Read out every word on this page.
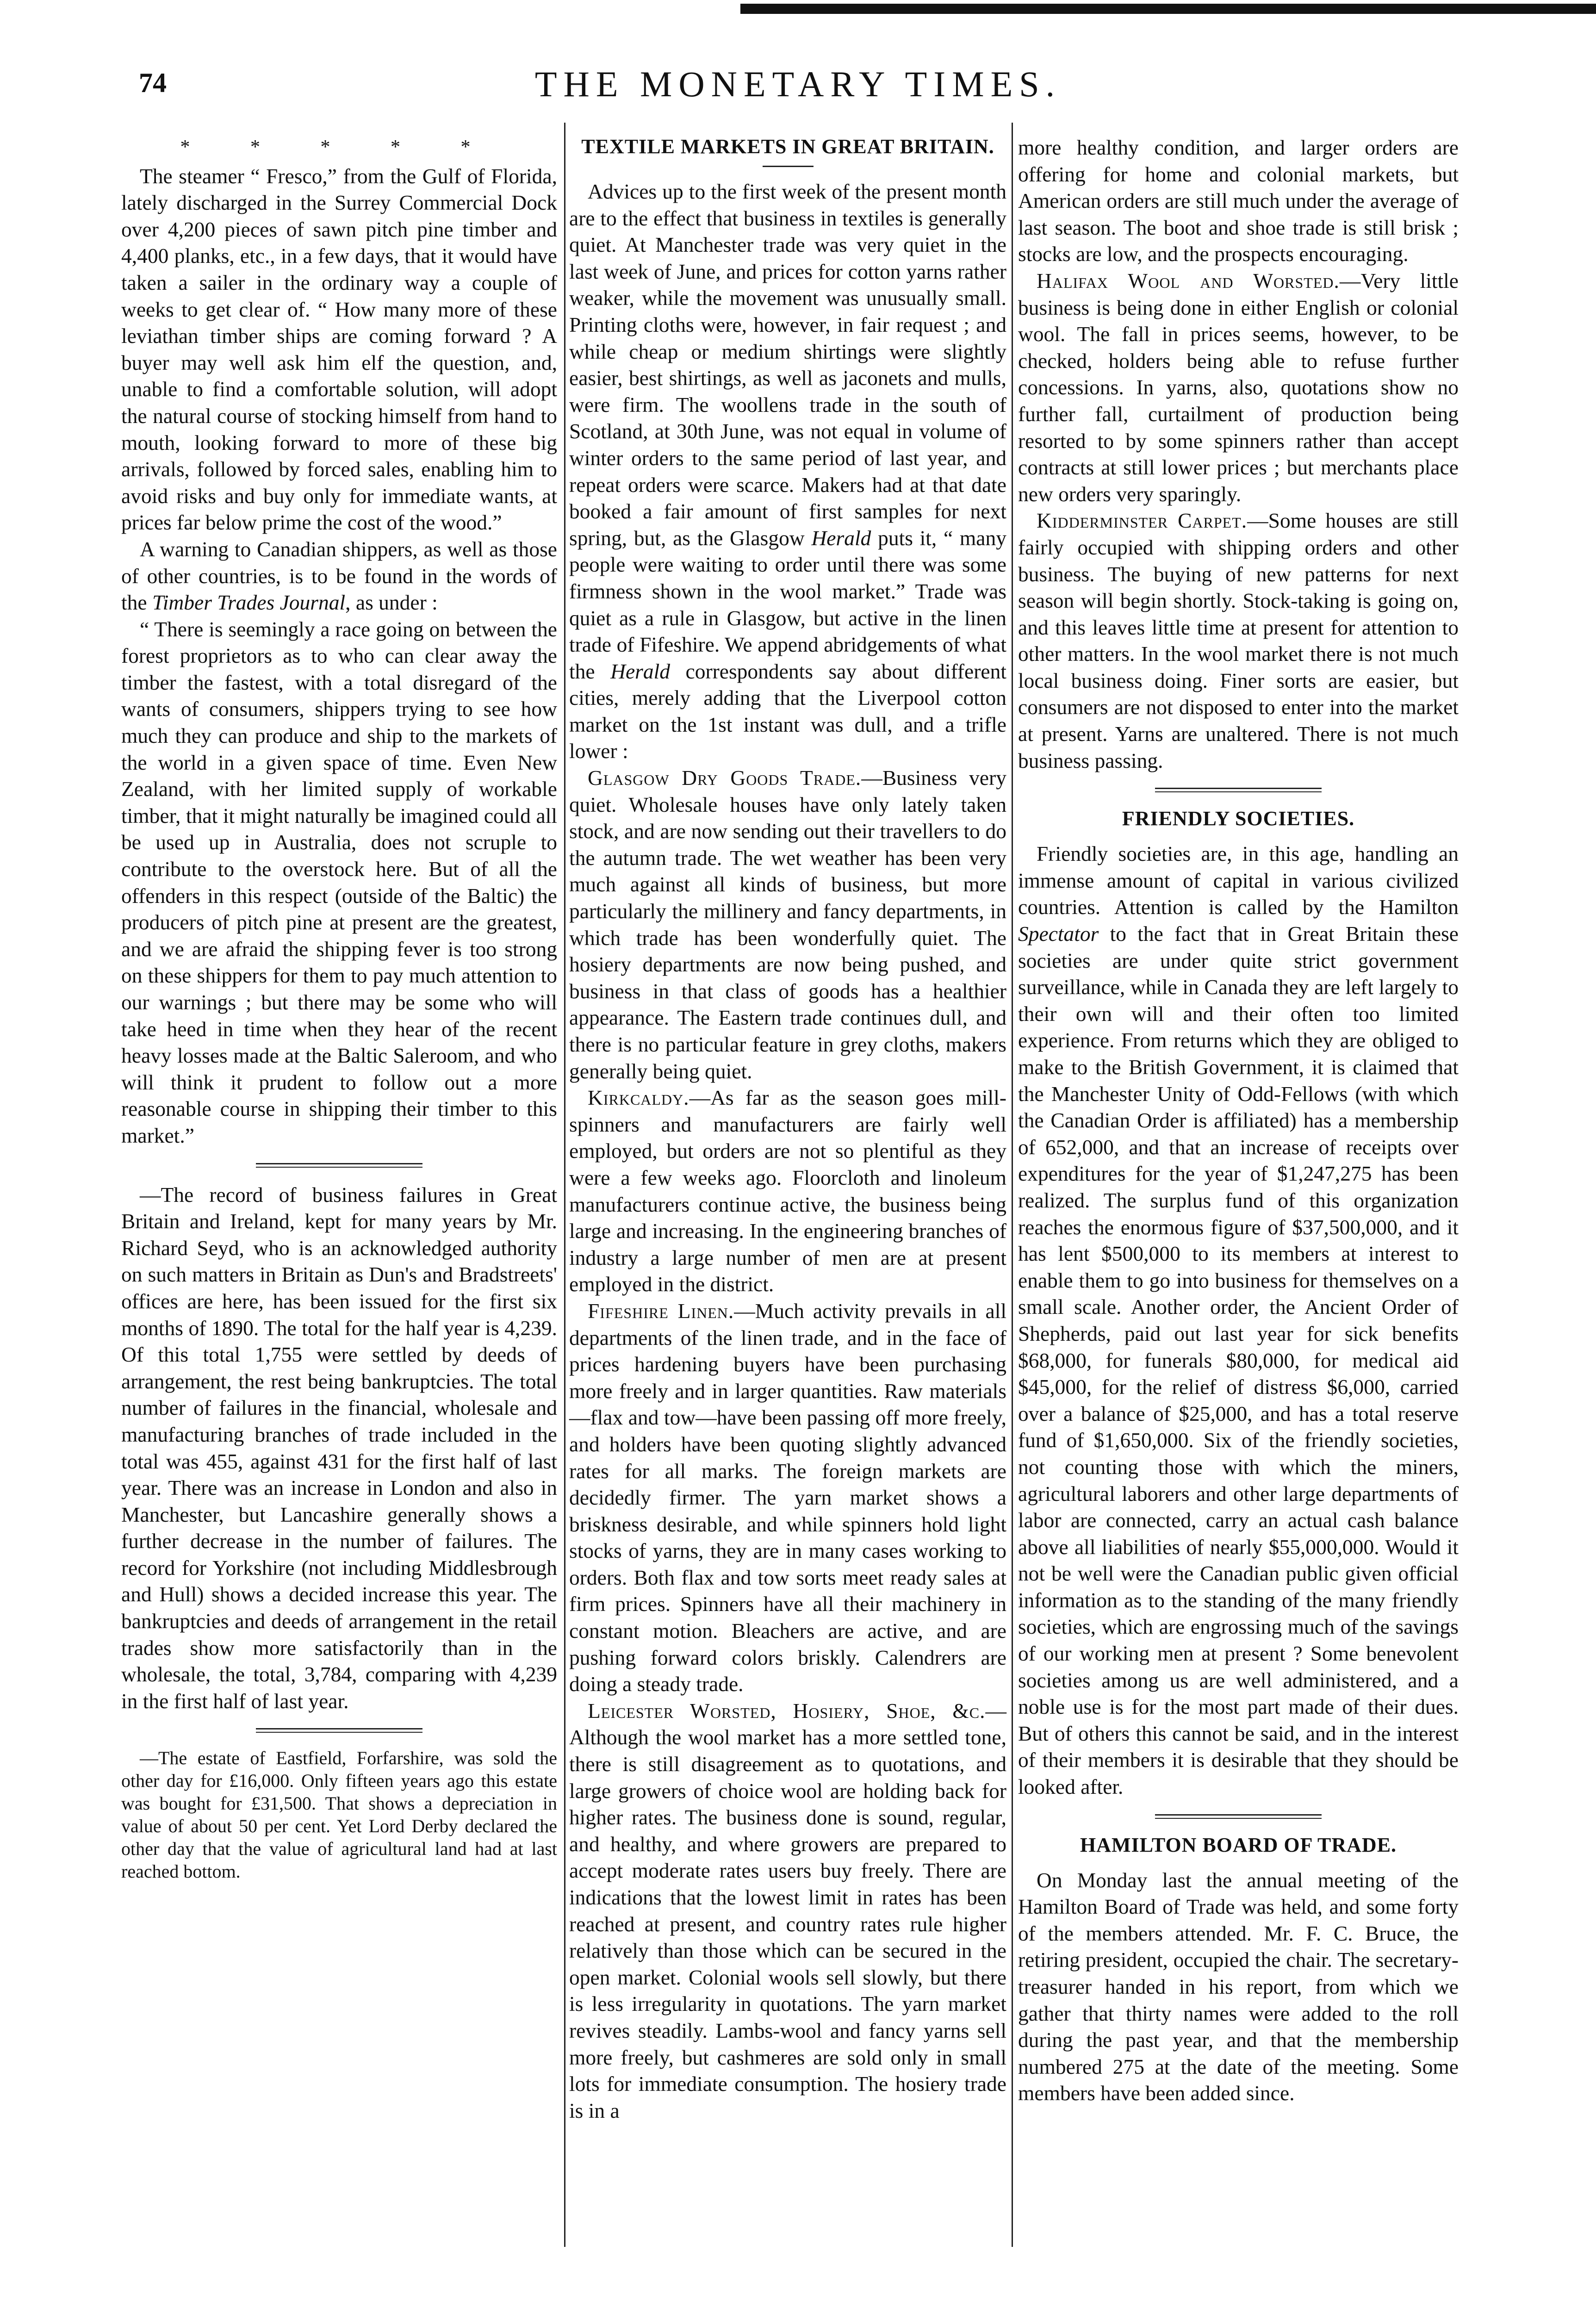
74	THE MONETARY TIMES.
* * * * *

The steamer “ Fresco,” from the Gulf of Florida, lately discharged in the Surrey Commercial Dock over 4,200 pieces of sawn pitch pine timber and 4,400 planks, etc., in a few days, that it would have taken a sailer in the ordinary way a couple of weeks to get clear of. “ How many more of these leviathan timber ships are coming forward ? A buyer may well ask him elf the question, and, unable to find a comfortable solution, will adopt the natural course of stocking himself from hand to mouth, looking forward to more of these big arrivals, followed by forced sales, enabling him to avoid risks and buy only for immediate wants, at prices far below prime the cost of the wood.”

A warning to Canadian shippers, as well as those of other countries, is to be found in the words of the Timber Trades Journal, as under :

“ There is seemingly a race going on between the forest proprietors as to who can clear away the timber the fastest, with a total disregard of the wants of consumers, shippers trying to see how much they can produce and ship to the markets of the world in a given space of time. Even New Zealand, with her limited supply of workable timber, that it might naturally be imagined could all be used up in Australia, does not scruple to contribute to the overstock here. But of all the offenders in this respect (outside of the Baltic) the producers of pitch pine at present are the greatest, and we are afraid the shipping fever is too strong on these shippers for them to pay much attention to our warnings ; but there may be some who will take heed in time when they hear of the recent heavy losses made at the Baltic Saleroom, and who will think it prudent to follow out a more reasonable course in shipping their timber to this market.”

—The record of business failures in Great Britain and Ireland, kept for many years by Mr. Richard Seyd, who is an acknowledged authority on such matters in Britain as Dun's and Bradstreets' offices are here, has been issued for the first six months of 1890. The total for the half year is 4,239. Of this total 1,755 were settled by deeds of arrangement, the rest being bankruptcies. The total number of failures in the financial, wholesale and manufacturing branches of trade included in the total was 455, against 431 for the first half of last year. There was an increase in London and also in Manchester, but Lancashire generally shows a further decrease in the number of failures. The record for Yorkshire (not including Middlesbrough and Hull) shows a decided increase this year. The bankruptcies and deeds of arrangement in the retail trades show more satisfactorily than in the wholesale, the total, 3,784, comparing with 4,239 in the first half of last year.

—The estate of Eastfield, Forfarshire, was sold the other day for £16,000. Only fifteen years ago this estate was bought for £31,500. That shows a depreciation in value of about 50 per cent. Yet Lord Derby declared the other day that the value of agricultural land had at last reached bottom.

TEXTILE MARKETS IN GREAT BRITAIN.

Advices up to the first week of the present month are to the effect that business in textiles is generally quiet. At Manchester trade was very quiet in the last week of June, and prices for cotton yarns rather weaker, while the movement was unusually small. Printing cloths were, however, in fair request ; and while cheap or medium shirtings were slightly easier, best shirtings, as well as jaconets and mulls, were firm. The woollens trade in the south of Scotland, at 30th June, was not equal in volume of winter orders to the same period of last year, and repeat orders were scarce. Makers had at that date booked a fair amount of first samples for next spring, but, as the Glasgow Herald puts it, “ many people were waiting to order until there was some firmness shown in the wool market.” Trade was quiet as a rule in Glasgow, but active in the linen trade of Fifeshire. We append abridgements of what the Herald correspondents say about different cities, merely adding that the Liverpool cotton market on the 1st instant was dull, and a trifle lower :

Glasgow Dry Goods Trade.—Business very quiet. Wholesale houses have only lately taken stock, and are now sending out their travellers to do the autumn trade. The wet weather has been very much against all kinds of business, but more particularly the millinery and fancy departments, in which trade has been wonderfully quiet. The hosiery departments are now being pushed, and business in that class of goods has a healthier appearance. The Eastern trade continues dull, and there is no particular feature in grey cloths, makers generally being quiet.

Kirkcaldy.—As far as the season goes mill-spinners and manufacturers are fairly well employed, but orders are not so plentiful as they were a few weeks ago. Floorcloth and linoleum manufacturers continue active, the business being large and increasing. In the engineering branches of industry a large number of men are at present employed in the district.

Fifeshire Linen.—Much activity prevails in all departments of the linen trade, and in the face of prices hardening buyers have been purchasing more freely and in larger quantities. Raw materials—flax and tow—have been passing off more freely, and holders have been quoting slightly advanced rates for all marks. The foreign markets are decidedly firmer. The yarn market shows a briskness desirable, and while spinners hold light stocks of yarns, they are in many cases working to orders. Both flax and tow sorts meet ready sales at firm prices. Spinners have all their machinery in constant motion. Bleachers are active, and are pushing forward colors briskly. Calendrers are doing a steady trade.

Leicester Worsted, Hosiery, Shoe, &c.—Although the wool market has a more settled tone, there is still disagreement as to quotations, and large growers of choice wool are holding back for higher rates. The business done is sound, regular, and healthy, and where growers are prepared to accept moderate rates users buy freely. There are indications that the lowest limit in rates has been reached at present, and country rates rule higher relatively than those which can be secured in the open market. Colonial wools sell slowly, but there is less irregularity in quotations. The yarn market revives steadily. Lambs-wool and fancy yarns sell more freely, but cashmeres are sold only in small lots for immediate consumption. The hosiery trade is in a

more healthy condition, and larger orders are offering for home and colonial markets, but American orders are still much under the average of last season. The boot and shoe trade is still brisk ; stocks are low, and the prospects encouraging.

Halifax Wool and Worsted.—Very little business is being done in either English or colonial wool. The fall in prices seems, however, to be checked, holders being able to refuse further concessions. In yarns, also, quotations show no further fall, curtailment of production being resorted to by some spinners rather than accept contracts at still lower prices ; but merchants place new orders very sparingly.

Kidderminster Carpet.—Some houses are still fairly occupied with shipping orders and other business. The buying of new patterns for next season will begin shortly. Stock-taking is going on, and this leaves little time at present for attention to other matters. In the wool market there is not much local business doing. Finer sorts are easier, but consumers are not disposed to enter into the market at present. Yarns are unaltered. There is not much business passing.

FRIENDLY SOCIETIES.

Friendly societies are, in this age, handling an immense amount of capital in various civilized countries. Attention is called by the Hamilton Spectator to the fact that in Great Britain these societies are under quite strict government surveillance, while in Canada they are left largely to their own will and their often too limited experience. From returns which they are obliged to make to the British Government, it is claimed that the Manchester Unity of Odd-Fellows (with which the Canadian Order is affiliated) has a membership of 652,000, and that an increase of receipts over expenditures for the year of $1,247,275 has been realized. The surplus fund of this organization reaches the enormous figure of $37,500,000, and it has lent $500,000 to its members at interest to enable them to go into business for themselves on a small scale. Another order, the Ancient Order of Shepherds, paid out last year for sick benefits $68,000, for funerals $80,000, for medical aid $45,000, for the relief of distress $6,000, carried over a balance of $25,000, and has a total reserve fund of $1,650,000. Six of the friendly societies, not counting those with which the miners, agricultural laborers and other large departments of labor are connected, carry an actual cash balance above all liabilities of nearly $55,000,000. Would it not be well were the Canadian public given official information as to the standing of the many friendly societies, which are engrossing much of the savings of our working men at present ? Some benevolent societies among us are well administered, and a noble use is for the most part made of their dues. But of others this cannot be said, and in the interest of their members it is desirable that they should be looked after.

HAMILTON BOARD OF TRADE.

On Monday last the annual meeting of the Hamilton Board of Trade was held, and some forty of the members attended. Mr. F. C. Bruce, the retiring president, occupied the chair. The secretary-treasurer handed in his report, from which we gather that thirty names were added to the roll during the past year, and that the membership numbered 275 at the date of the meeting. Some members have been added since.
